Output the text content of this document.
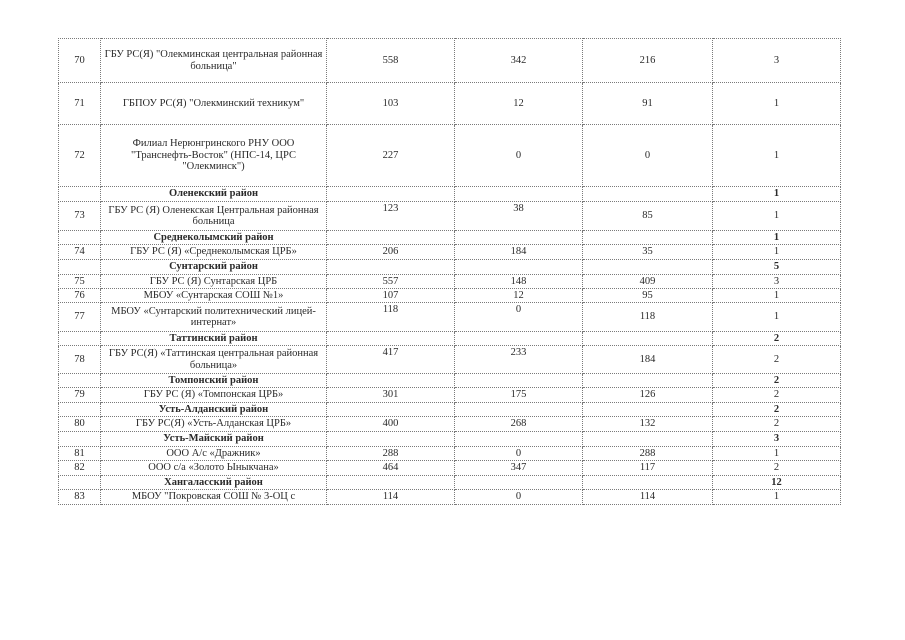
70	ГБУ РС(Я) "Олекминская центральная районная больница"	558	342	216	3
71	ГБПОУ РС(Я) "Олекминский техникум"	103	12	91	1
72	Филиал Нерюнгринского РНУ ООО "Транснефть-Восток" (НПС-14, ЦРС "Олекминск")	227	0	0	1
	Оленекский район				1
73	ГБУ РС (Я) Оленекская Центральная районная больница	123	38	85	1
	Среднеколымский район				1
74	ГБУ РС (Я) «Среднеколымская ЦРБ»	206	184	35	1
	Сунтарский район				5
75	ГБУ РС (Я) Сунтарская ЦРБ	557	148	409	3
76	МБОУ «Сунтарская СОШ №1»	107	12	95	1
77	МБОУ «Сунтарский политехнический лицей-интернат»	118	0	118	1
	Таттинский район				2
78	ГБУ РС(Я) «Таттинская центральная районная больница»	417	233	184	2
	Томпонский район				2
79	ГБУ РС (Я) «Томпонская ЦРБ»	301	175	126	2
	Усть-Алданский район				2
80	ГБУ РС(Я) «Усть-Алданская ЦРБ»	400	268	132	2
	Усть-Майский район				3
81	ООО А/с «Дражник»	288	0	288	1
82	ООО с/а «Золото Ыныкчана»	464	347	117	2
	Хангаласский район				12
83	МБОУ "Покровская СОШ № 3-ОЦ с	114	0	114	1
